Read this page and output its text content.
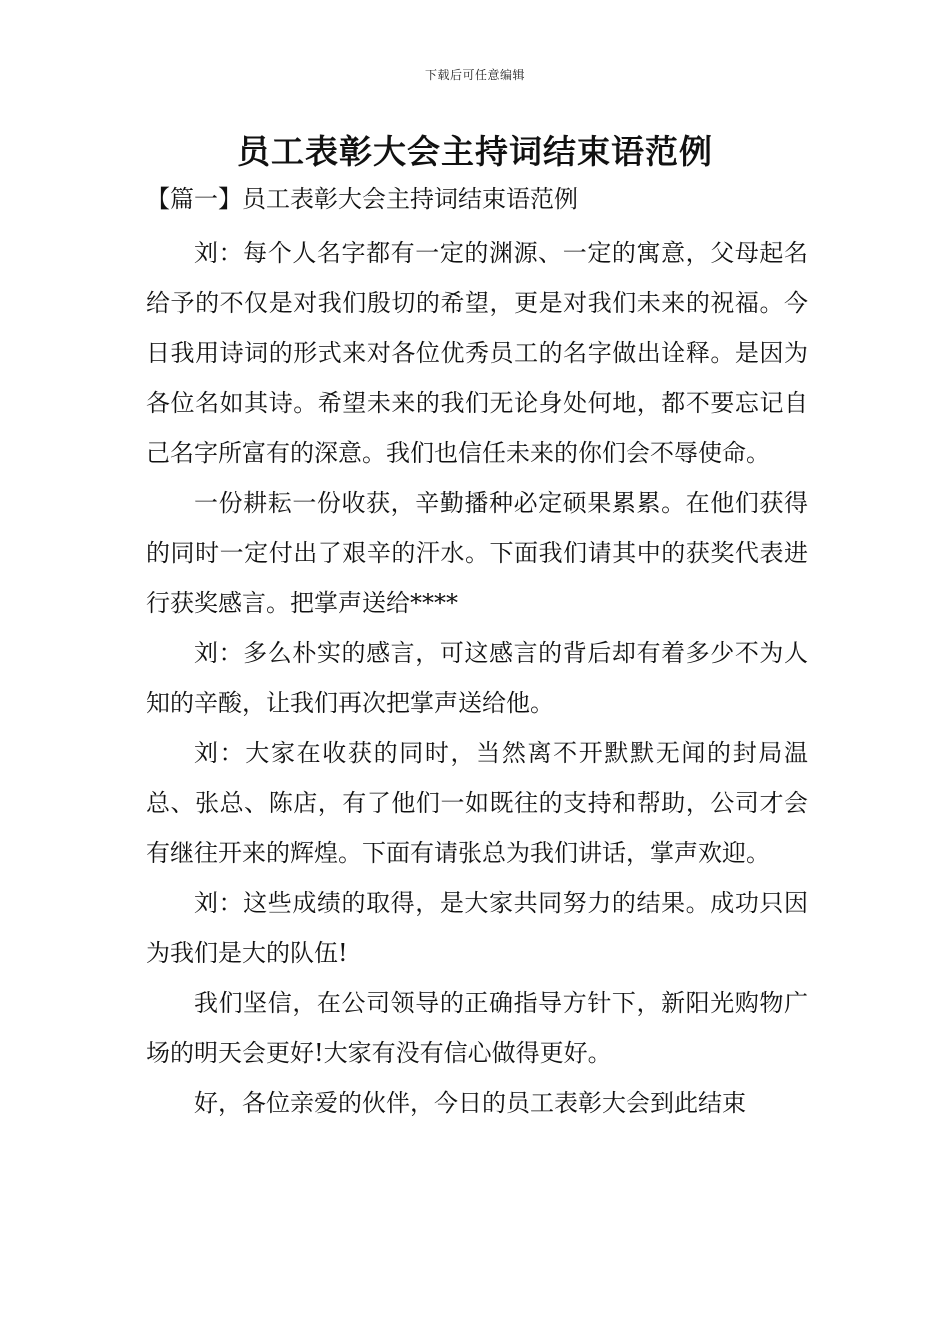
下载后可任意编辑
员工表彰大会主持词结束语范例
【篇一】员工表彰大会主持词结束语范例

刘：每个人名字都有一定的渊源、一定的寓意，父母起名给予的不仅是对我们殷切的希望，更是对我们未来的祝福。今日我用诗词的形式来对各位优秀员工的名字做出诠释。是因为各位名如其诗。希望未来的我们无论身处何地，都不要忘记自己名字所富有的深意。我们也信任未来的你们会不辱使命。

一份耕耘一份收获，辛勤播种必定硕果累累。在他们获得的同时一定付出了艰辛的汗水。下面我们请其中的获奖代表进行获奖感言。把掌声送给****

刘：多么朴实的感言，可这感言的背后却有着多少不为人知的辛酸，让我们再次把掌声送给他。

刘：大家在收获的同时，当然离不开默默无闻的封局温总、张总、陈店，有了他们一如既往的支持和帮助，公司才会有继往开来的辉煌。下面有请张总为我们讲话，掌声欢迎。

刘：这些成绩的取得，是大家共同努力的结果。成功只因为我们是大的队伍!

我们坚信，在公司领导的正确指导方针下，新阳光购物广场的明天会更好!大家有没有信心做得更好。

好，各位亲爱的伙伴，今日的员工表彰大会到此结束
